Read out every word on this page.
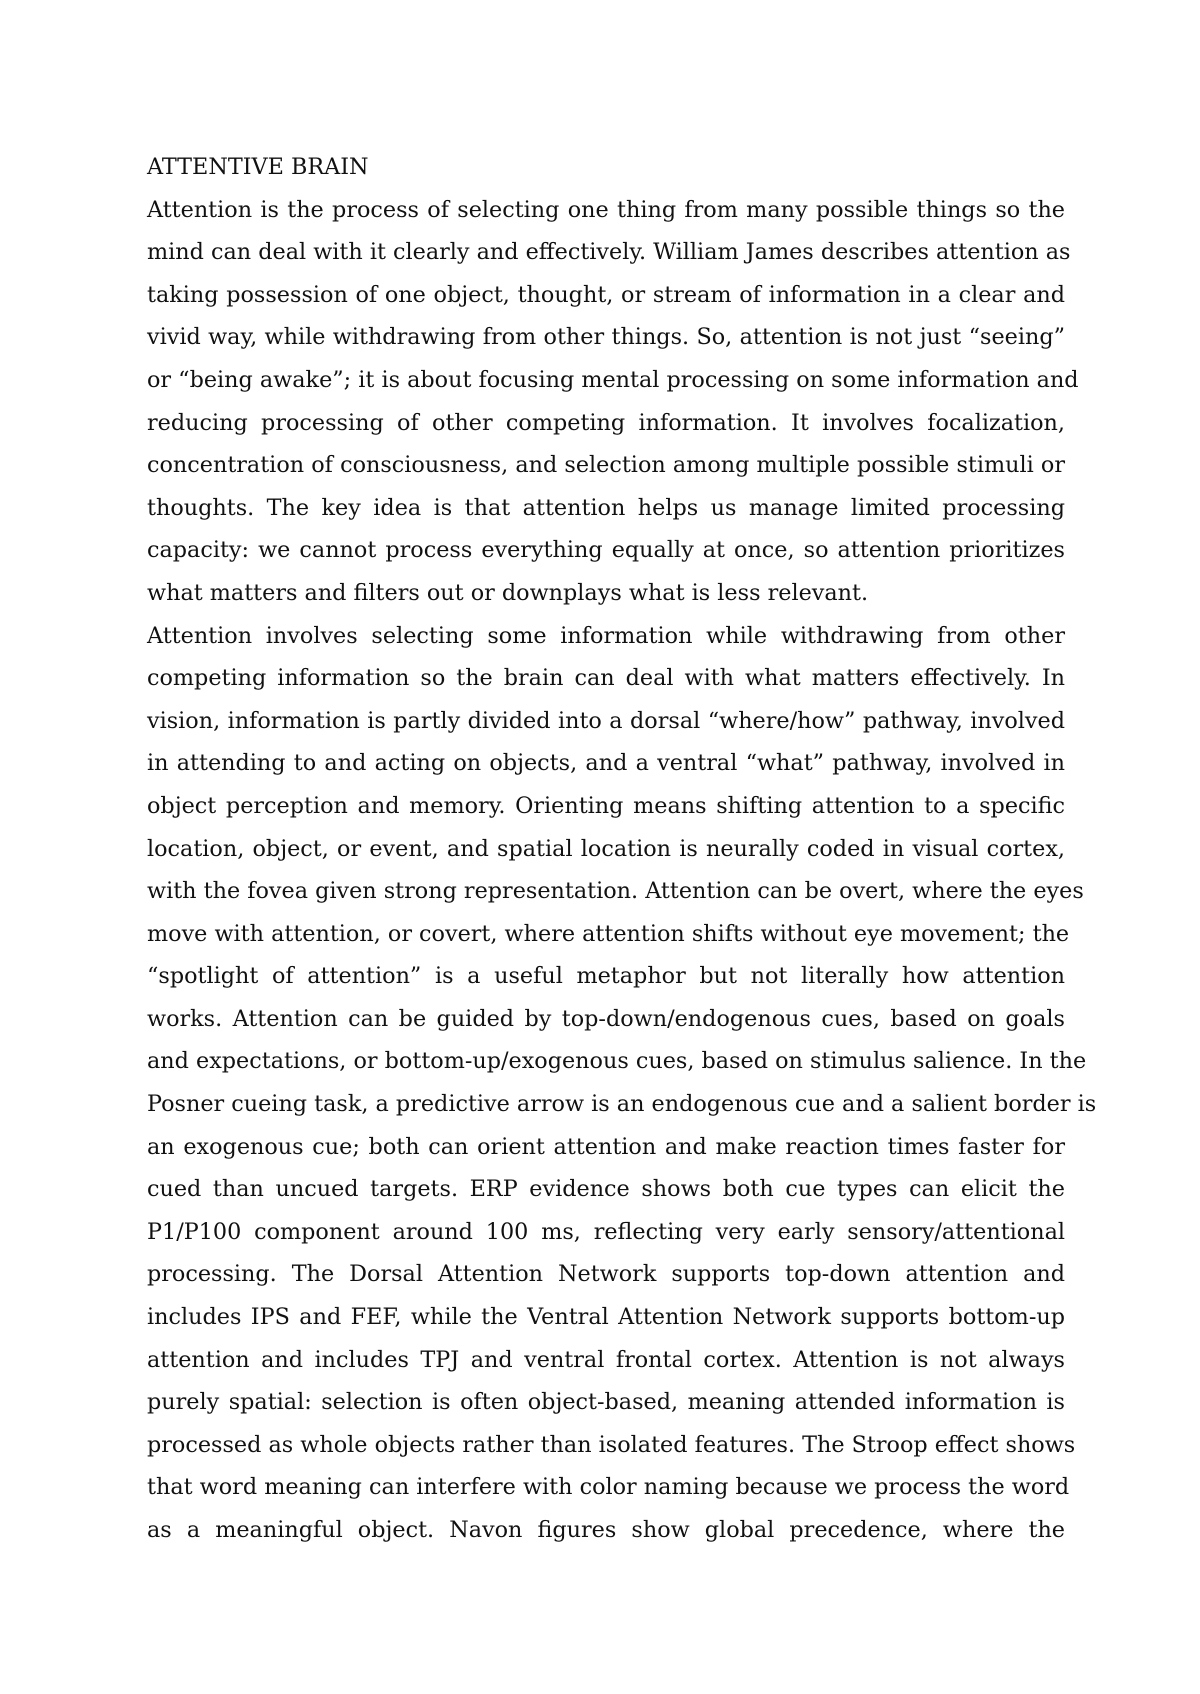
ATTENTIVE BRAIN
Attention is the process of selecting one thing from many possible things so the
mind can deal with it clearly and effectively. William James describes attention as
taking possession of one object, thought, or stream of information in a clear and
vivid way, while withdrawing from other things. So, attention is not just “seeing”
or “being awake”; it is about focusing mental processing on some information and
reducing processing of other competing information. It involves focalization,
concentration of consciousness, and selection among multiple possible stimuli or
thoughts. The key idea is that attention helps us manage limited processing
capacity: we cannot process everything equally at once, so attention prioritizes
what matters and filters out or downplays what is less relevant.
Attention involves selecting some information while withdrawing from other
competing information so the brain can deal with what matters effectively. In
vision, information is partly divided into a dorsal “where/how” pathway, involved
in attending to and acting on objects, and a ventral “what” pathway, involved in
object perception and memory. Orienting means shifting attention to a specific
location, object, or event, and spatial location is neurally coded in visual cortex,
with the fovea given strong representation. Attention can be overt, where the eyes
move with attention, or covert, where attention shifts without eye movement; the
“spotlight of attention” is a useful metaphor but not literally how attention
works. Attention can be guided by top-down/endogenous cues, based on goals
and expectations, or bottom-up/exogenous cues, based on stimulus salience. In the
Posner cueing task, a predictive arrow is an endogenous cue and a salient border is
an exogenous cue; both can orient attention and make reaction times faster for
cued than uncued targets. ERP evidence shows both cue types can elicit the
P1/P100 component around 100 ms, reflecting very early sensory/attentional
processing. The Dorsal Attention Network supports top-down attention and
includes IPS and FEF, while the Ventral Attention Network supports bottom-up
attention and includes TPJ and ventral frontal cortex. Attention is not always
purely spatial: selection is often object-based, meaning attended information is
processed as whole objects rather than isolated features. The Stroop effect shows
that word meaning can interfere with color naming because we process the word
as a meaningful object. Navon figures show global precedence, where the
